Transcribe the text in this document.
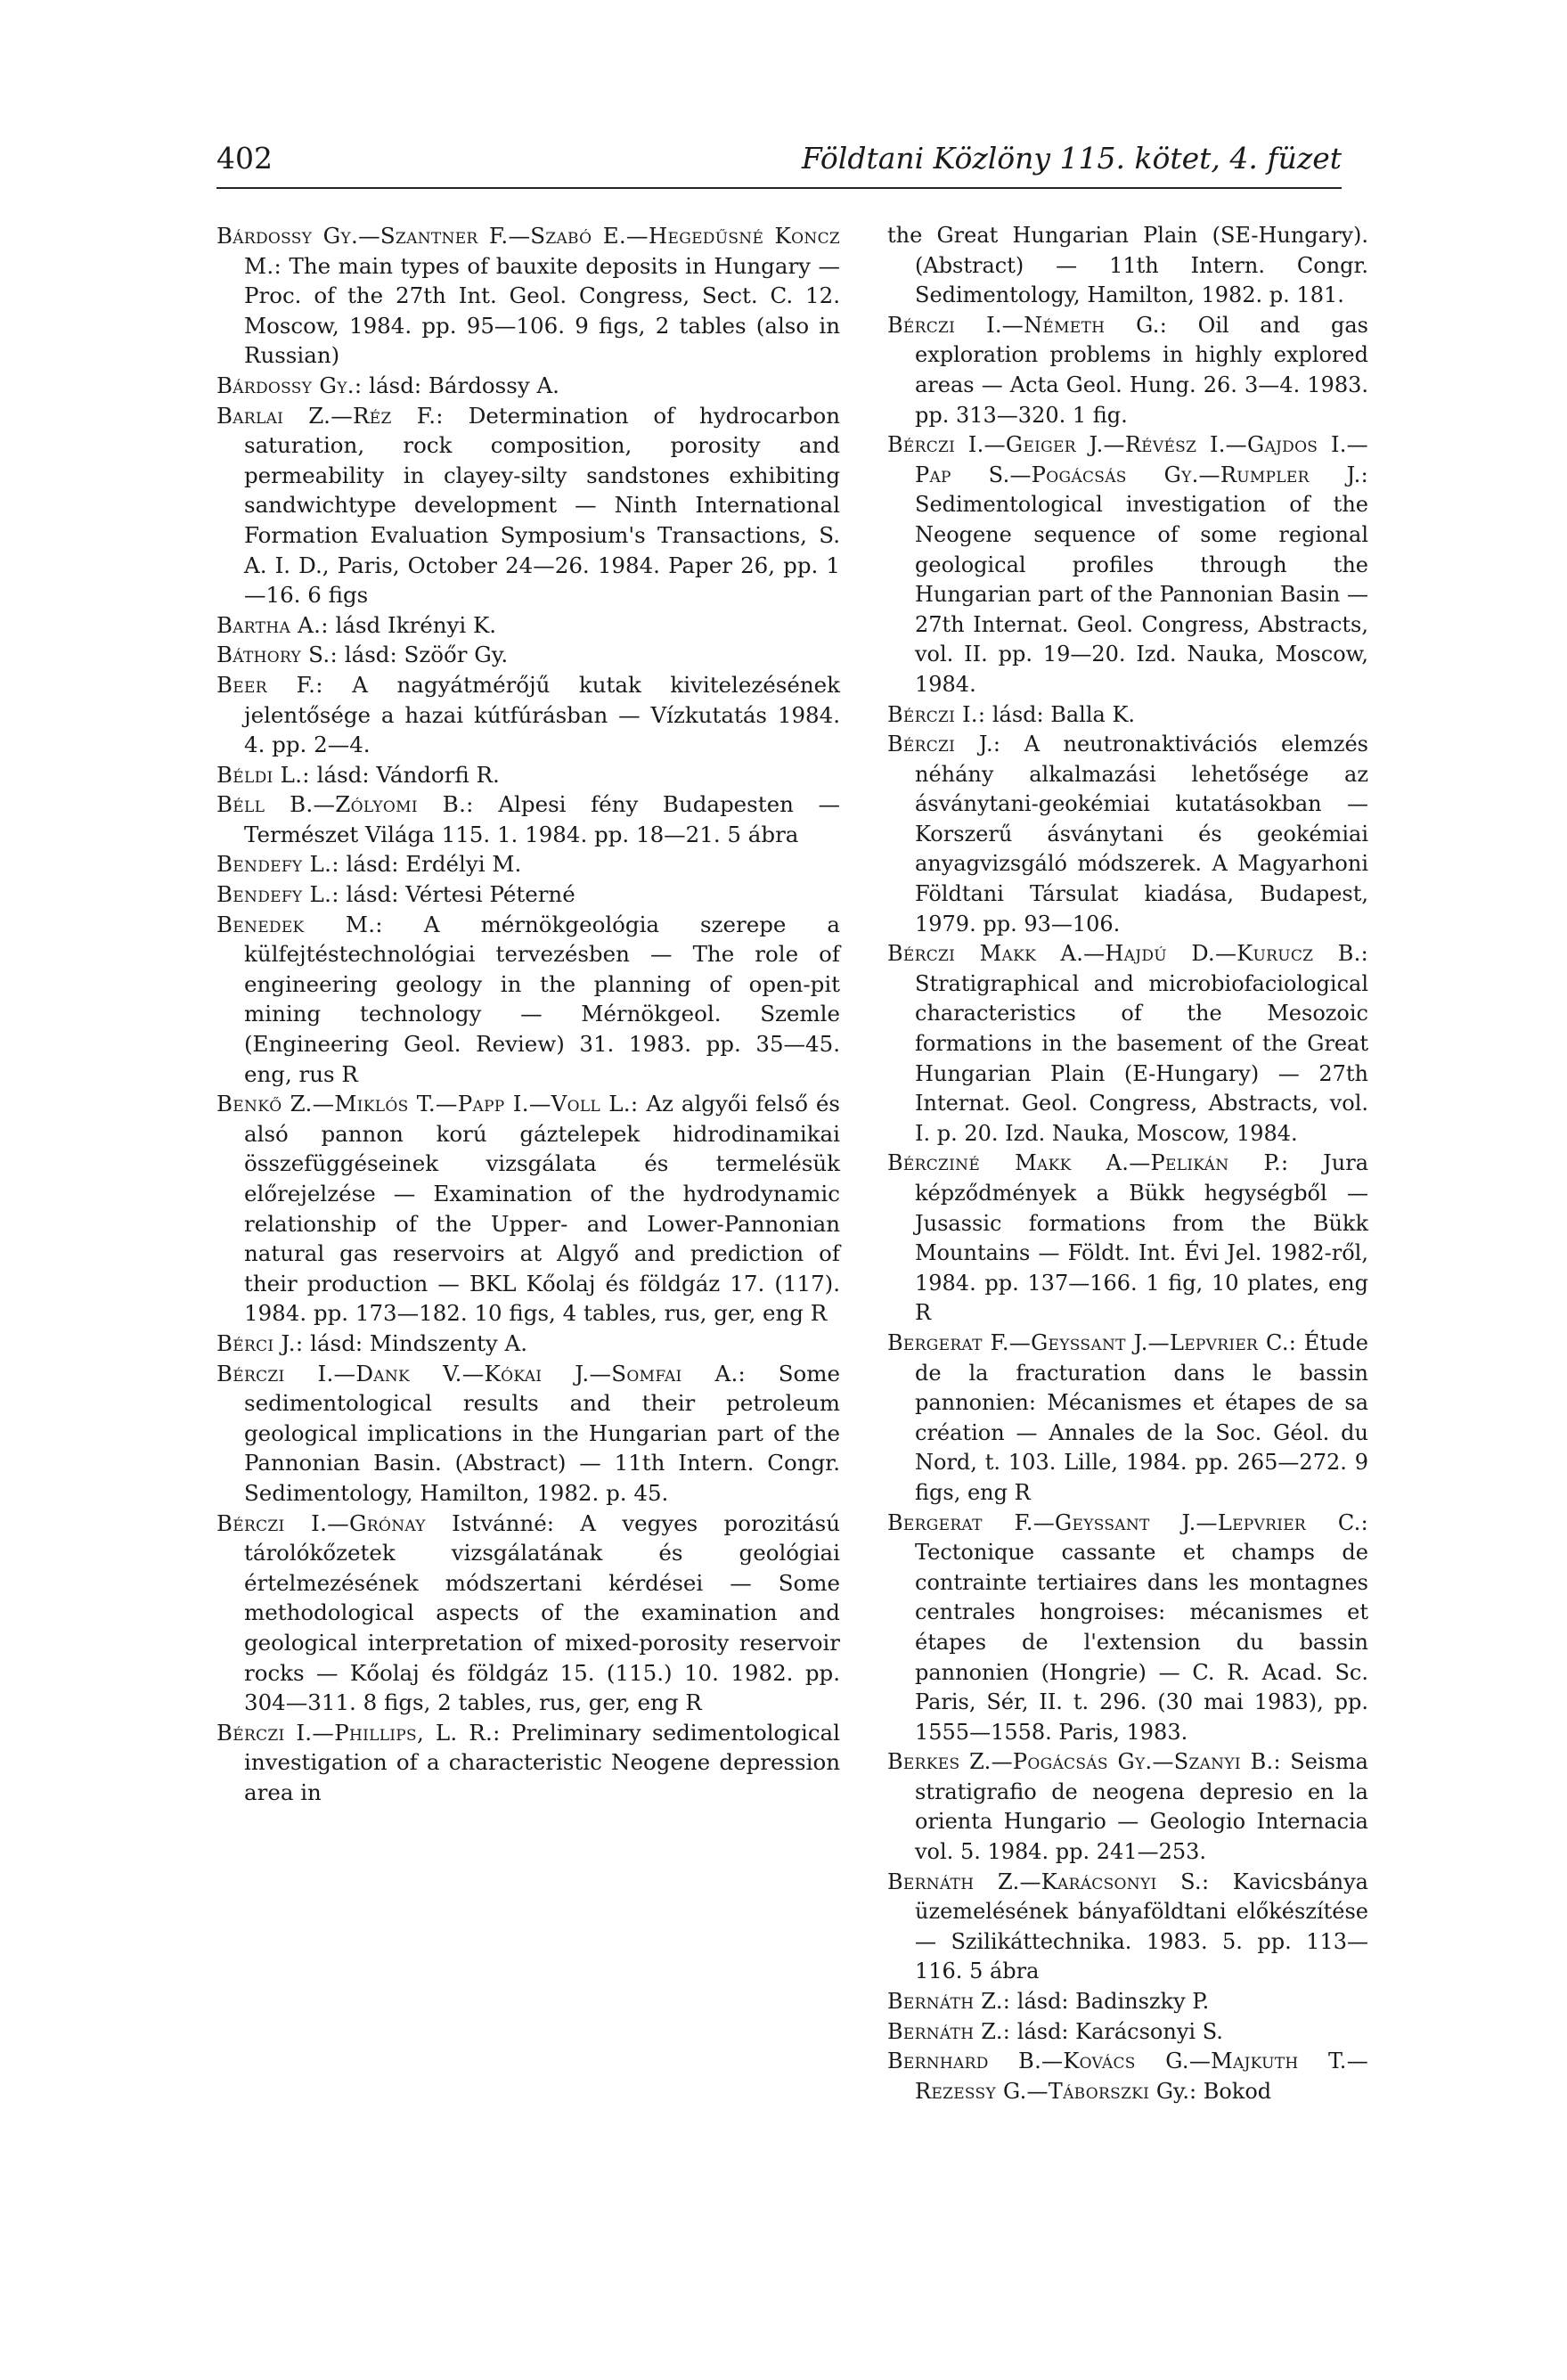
402	Földtani Közlöny 115. kötet, 4. füzet

Bárdossy Gy.—Szantner F.—Szabó E.—Hegedűsné Koncz M.: The main types of bauxite deposits in Hungary — Proc. of the 27th Int. Geol. Congress, Sect. C. 12. Moscow, 1984. pp. 95—106. 9 figs, 2 tables (also in Russian)

Bárdossy Gy.: lásd: Bárdossy A.

Barlai Z.—Réz F.: Determination of hydrocarbon saturation, rock composition, porosity and permeability in clayey-silty sandstones exhibiting sandwichtype development — Ninth International Formation Evaluation Symposium's Transactions, S. A. I. D., Paris, October 24—26. 1984. Paper 26, pp. 1—16. 6 figs

Bartha A.: lásd Ikrényi K.

Báthory S.: lásd: Szöőr Gy.

Beer F.: A nagyátmérőjű kutak kivitelezésének jelentősége a hazai kútfúrásban — Vízkutatás 1984. 4. pp. 2—4.

Béldi L.: lásd: Vándorfi R.

Béll B.—Zólyomi B.: Alpesi fény Budapesten — Természet Világa 115. 1. 1984. pp. 18—21. 5 ábra

Bendefy L.: lásd: Erdélyi M.

Bendefy L.: lásd: Vértesi Péterné

Benedek M.: A mérnökgeológia szerepe a külfejtéstechnológiai tervezésben — The role of engineering geology in the planning of open-pit mining technology — Mérnökgeol. Szemle (Engineering Geol. Review) 31. 1983. pp. 35—45. eng, rus R

Benkő Z.—Miklós T.—Papp I.—Voll L.: Az algyői felső és alsó pannon korú gáztelepek hidrodinamikai összefüggéseinek vizsgálata és termelésük előrejelzése — Examination of the hydrodynamic relationship of the Upper- and Lower-Pannonian natural gas reservoirs at Algyő and prediction of their production — BKL Kőolaj és földgáz 17. (117). 1984. pp. 173—182. 10 figs, 4 tables, rus, ger, eng R

Bérci J.: lásd: Mindszenty A.

Bérczi I.—Dank V.—Kókai J.—Somfai A.: Some sedimentological results and their petroleum geological implications in the Hungarian part of the Pannonian Basin. (Abstract) — 11th Intern. Congr. Sedimentology, Hamilton, 1982. p. 45.

Bérczi I.—Grónay Istvánné: A vegyes porozitású tárolókőzetek vizsgálatának és geológiai értelmezésének módszertani kérdései — Some methodological aspects of the examination and geological interpretation of mixed-porosity reservoir rocks — Kőolaj és földgáz 15. (115.) 10. 1982. pp. 304—311. 8 figs, 2 tables, rus, ger, eng R

Bérczi I.—Phillips, L. R.: Preliminary sedimentological investigation of a characteristic Neogene depression area in

the Great Hungarian Plain (SE-Hungary). (Abstract) — 11th Intern. Congr. Sedimentology, Hamilton, 1982. p. 181.

Bérczi I.—Németh G.: Oil and gas exploration problems in highly explored areas — Acta Geol. Hung. 26. 3—4. 1983. pp. 313—320. 1 fig.

Bérczi I.—Geiger J.—Révész I.—Gajdos I.—Pap S.—Pogácsás Gy.—Rumpler J.: Sedimentological investigation of the Neogene sequence of some regional geological profiles through the Hungarian part of the Pannonian Basin — 27th Internat. Geol. Congress, Abstracts, vol. II. pp. 19—20. Izd. Nauka, Moscow, 1984.

Bérczi I.: lásd: Balla K.

Bérczi J.: A neutronaktivációs elemzés néhány alkalmazási lehetősége az ásványtani-geokémiai kutatásokban — Korszerű ásványtani és geokémiai anyagvizsgáló módszerek. A Magyarhoni Földtani Társulat kiadása, Budapest, 1979. pp. 93—106.

Bérczi Makk A.—Hajdú D.—Kurucz B.: Stratigraphical and microbiofaciological characteristics of the Mesozoic formations in the basement of the Great Hungarian Plain (E-Hungary) — 27th Internat. Geol. Congress, Abstracts, vol. I. p. 20. Izd. Nauka, Moscow, 1984.

Bércziné Makk A.—Pelikán P.: Jura képződmények a Bükk hegységből — Jusassic formations from the Bükk Mountains — Földt. Int. Évi Jel. 1982-ről, 1984. pp. 137—166. 1 fig, 10 plates, eng R

Bergerat F.—Geyssant J.—Lepvrier C.: Étude de la fracturation dans le bassin pannonien: Mécanismes et étapes de sa création — Annales de la Soc. Géol. du Nord, t. 103. Lille, 1984. pp. 265—272. 9 figs, eng R

Bergerat F.—Geyssant J.—Lepvrier C.: Tectonique cassante et champs de contrainte tertiaires dans les montagnes centrales hongroises: mécanismes et étapes de l'extension du bassin pannonien (Hongrie) — C. R. Acad. Sc. Paris, Sér, II. t. 296. (30 mai 1983), pp. 1555—1558. Paris, 1983.

Berkes Z.—Pogácsás Gy.—Szanyi B.: Seisma stratigrafio de neogena depresio en la orienta Hungario — Geologio Internacia vol. 5. 1984. pp. 241—253.

Bernáth Z.—Karácsonyi S.: Kavicsbánya üzemelésének bányaföldtani előkészítése — Szilikáttechnika. 1983. 5. pp. 113—116. 5 ábra

Bernáth Z.: lásd: Badinszky P.

Bernáth Z.: lásd: Karácsonyi S.

Bernhard B.—Kovács G.—Majkuth T.—Rezessy G.—Táborszki Gy.: Bokod
